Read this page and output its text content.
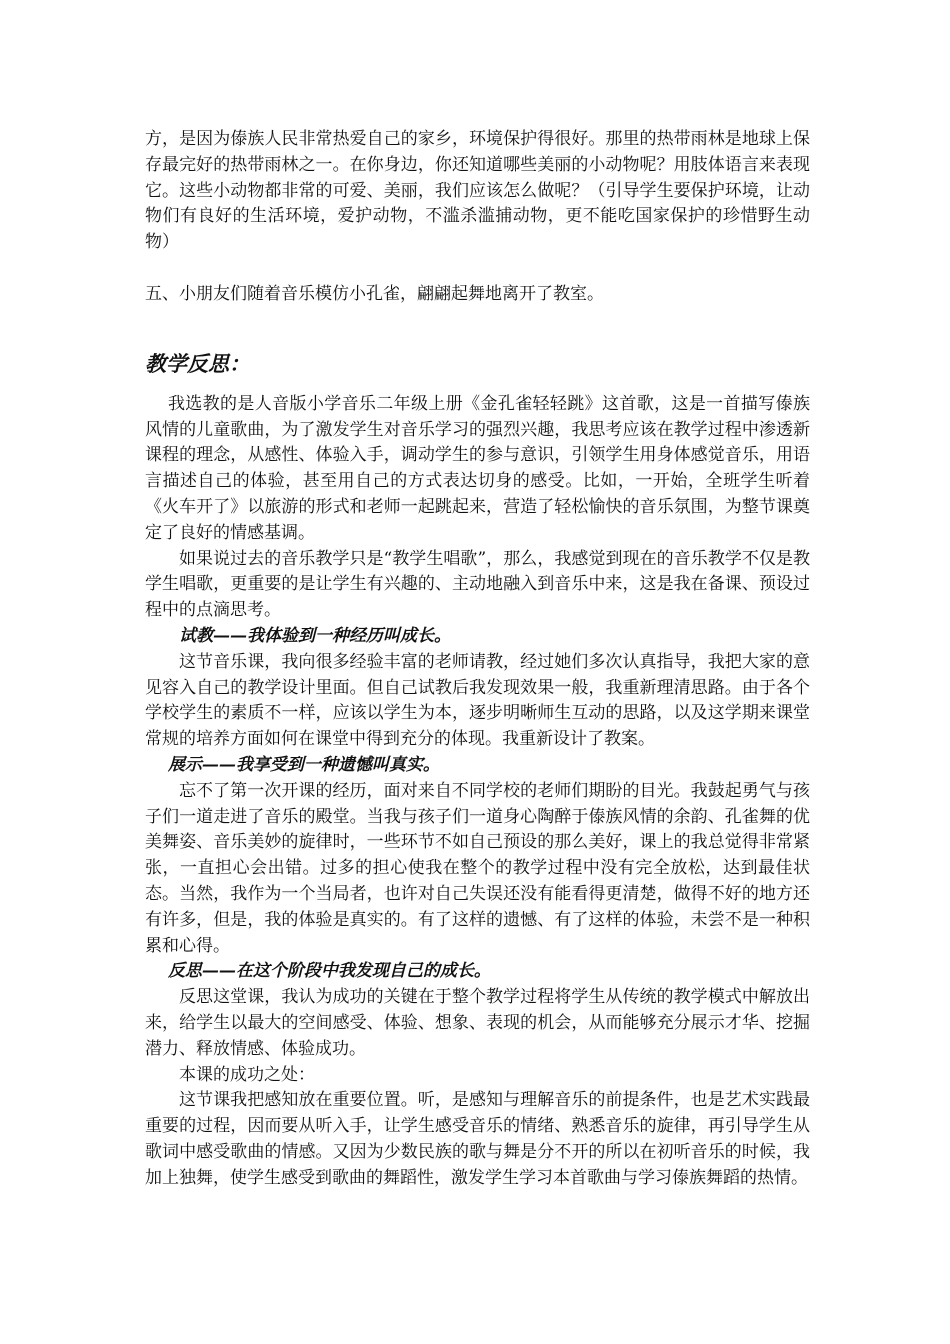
方，是因为傣族人民非常热爱自己的家乡，环境保护得很好。那里的热带雨林是地球上保存最完好的热带雨林之一。在你身边，你还知道哪些美丽的小动物呢？用肢体语言来表现它。这些小动物都非常的可爱、美丽，我们应该怎么做呢？（引导学生要保护环境，让动物们有良好的生活环境，爱护动物，不滥杀滥捕动物，更不能吃国家保护的珍惜野生动物）

五、小朋友们随着音乐模仿小孔雀，翩翩起舞地离开了教室。

教学反思：

我选教的是人音版小学音乐二年级上册《金孔雀轻轻跳》这首歌，这是一首描写傣族风情的儿童歌曲，为了激发学生对音乐学习的强烈兴趣，我思考应该在教学过程中渗透新课程的理念，从感性、体验入手，调动学生的参与意识，引领学生用身体感觉音乐，用语言描述自己的体验，甚至用自己的方式表达切身的感受。比如，一开始，全班学生听着《火车开了》以旅游的形式和老师一起跳起来，营造了轻松愉快的音乐氛围，为整节课奠定了良好的情感基调。

如果说过去的音乐教学只是“教学生唱歌”，那么，我感觉到现在的音乐教学不仅是教学生唱歌，更重要的是让学生有兴趣的、主动地融入到音乐中来，这是我在备课、预设过程中的点滴思考。

试教——我体验到一种经历叫成长。

这节音乐课，我向很多经验丰富的老师请教，经过她们多次认真指导，我把大家的意见容入自己的教学设计里面。但自己试教后我发现效果一般，我重新理清思路。由于各个学校学生的素质不一样，应该以学生为本，逐步明晰师生互动的思路，以及这学期来课堂常规的培养方面如何在课堂中得到充分的体现。我重新设计了教案。

展示——我享受到一种遗憾叫真实。

忘不了第一次开课的经历，面对来自不同学校的老师们期盼的目光。我鼓起勇气与孩子们一道走进了音乐的殿堂。当我与孩子们一道身心陶醉于傣族风情的余韵、孔雀舞的优美舞姿、音乐美妙的旋律时，一些环节不如自己预设的那么美好，课上的我总觉得非常紧张，一直担心会出错。过多的担心使我在整个的教学过程中没有完全放松，达到最佳状态。当然，我作为一个当局者，也许对自己失误还没有能看得更清楚，做得不好的地方还有许多，但是，我的体验是真实的。有了这样的遗憾、有了这样的体验，未尝不是一种积累和心得。

反思——在这个阶段中我发现自己的成长。

反思这堂课，我认为成功的关键在于整个教学过程将学生从传统的教学模式中解放出来，给学生以最大的空间感受、体验、想象、表现的机会，从而能够充分展示才华、挖掘潜力、释放情感、体验成功。

本课的成功之处：

这节课我把感知放在重要位置。听，是感知与理解音乐的前提条件，也是艺术实践最重要的过程，因而要从听入手，让学生感受音乐的情绪、熟悉音乐的旋律，再引导学生从歌词中感受歌曲的情感。又因为少数民族的歌与舞是分不开的所以在初听音乐的时候，我加上独舞，使学生感受到歌曲的舞蹈性，激发学生学习本首歌曲与学习傣族舞蹈的热情。
